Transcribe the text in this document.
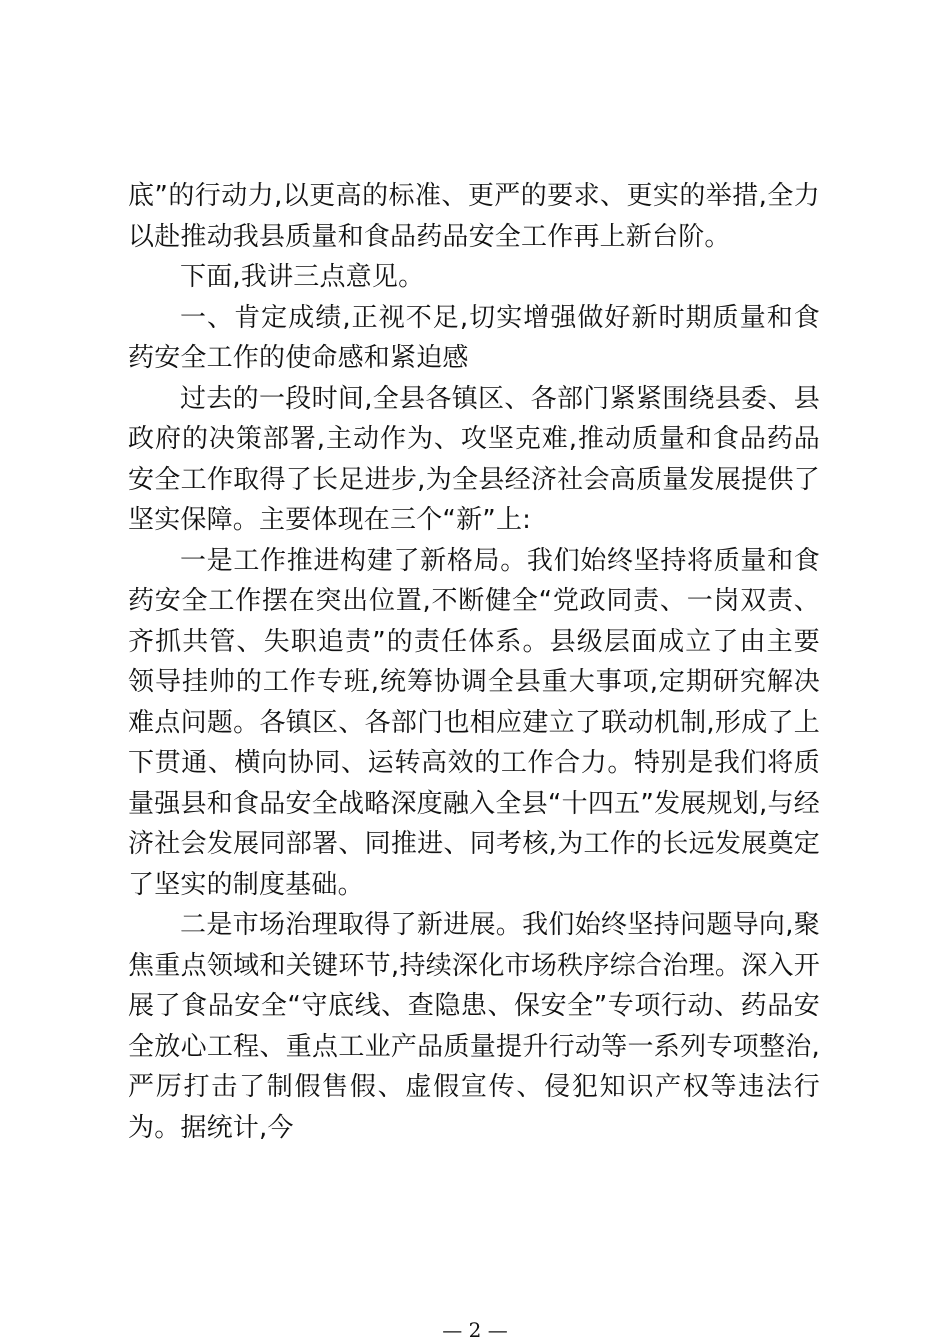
底”的行动力,以更高的标准、更严的要求、更实的举措,全力以赴推动我县质量和食品药品安全工作再上新台阶。

下面,我讲三点意见。

一、肯定成绩,正视不足,切实增强做好新时期质量和食药安全工作的使命感和紧迫感

过去的一段时间,全县各镇区、各部门紧紧围绕县委、县政府的决策部署,主动作为、攻坚克难,推动质量和食品药品安全工作取得了长足进步,为全县经济社会高质量发展提供了坚实保障。主要体现在三个“新”上:

一是工作推进构建了新格局。我们始终坚持将质量和食药安全工作摆在突出位置,不断健全“党政同责、一岗双责、齐抓共管、失职追责”的责任体系。县级层面成立了由主要领导挂帅的工作专班,统筹协调全县重大事项,定期研究解决难点问题。各镇区、各部门也相应建立了联动机制,形成了上下贯通、横向协同、运转高效的工作合力。特别是我们将质量强县和食品安全战略深度融入全县“十四五”发展规划,与经济社会发展同部署、同推进、同考核,为工作的长远发展奠定了坚实的制度基础。

二是市场治理取得了新进展。我们始终坚持问题导向,聚焦重点领域和关键环节,持续深化市场秩序综合治理。深入开展了食品安全“守底线、查隐患、保安全”专项行动、药品安全放心工程、重点工业产品质量提升行动等一系列专项整治,严厉打击了制假售假、虚假宣传、侵犯知识产权等违法行为。据统计,今

— 2 —
